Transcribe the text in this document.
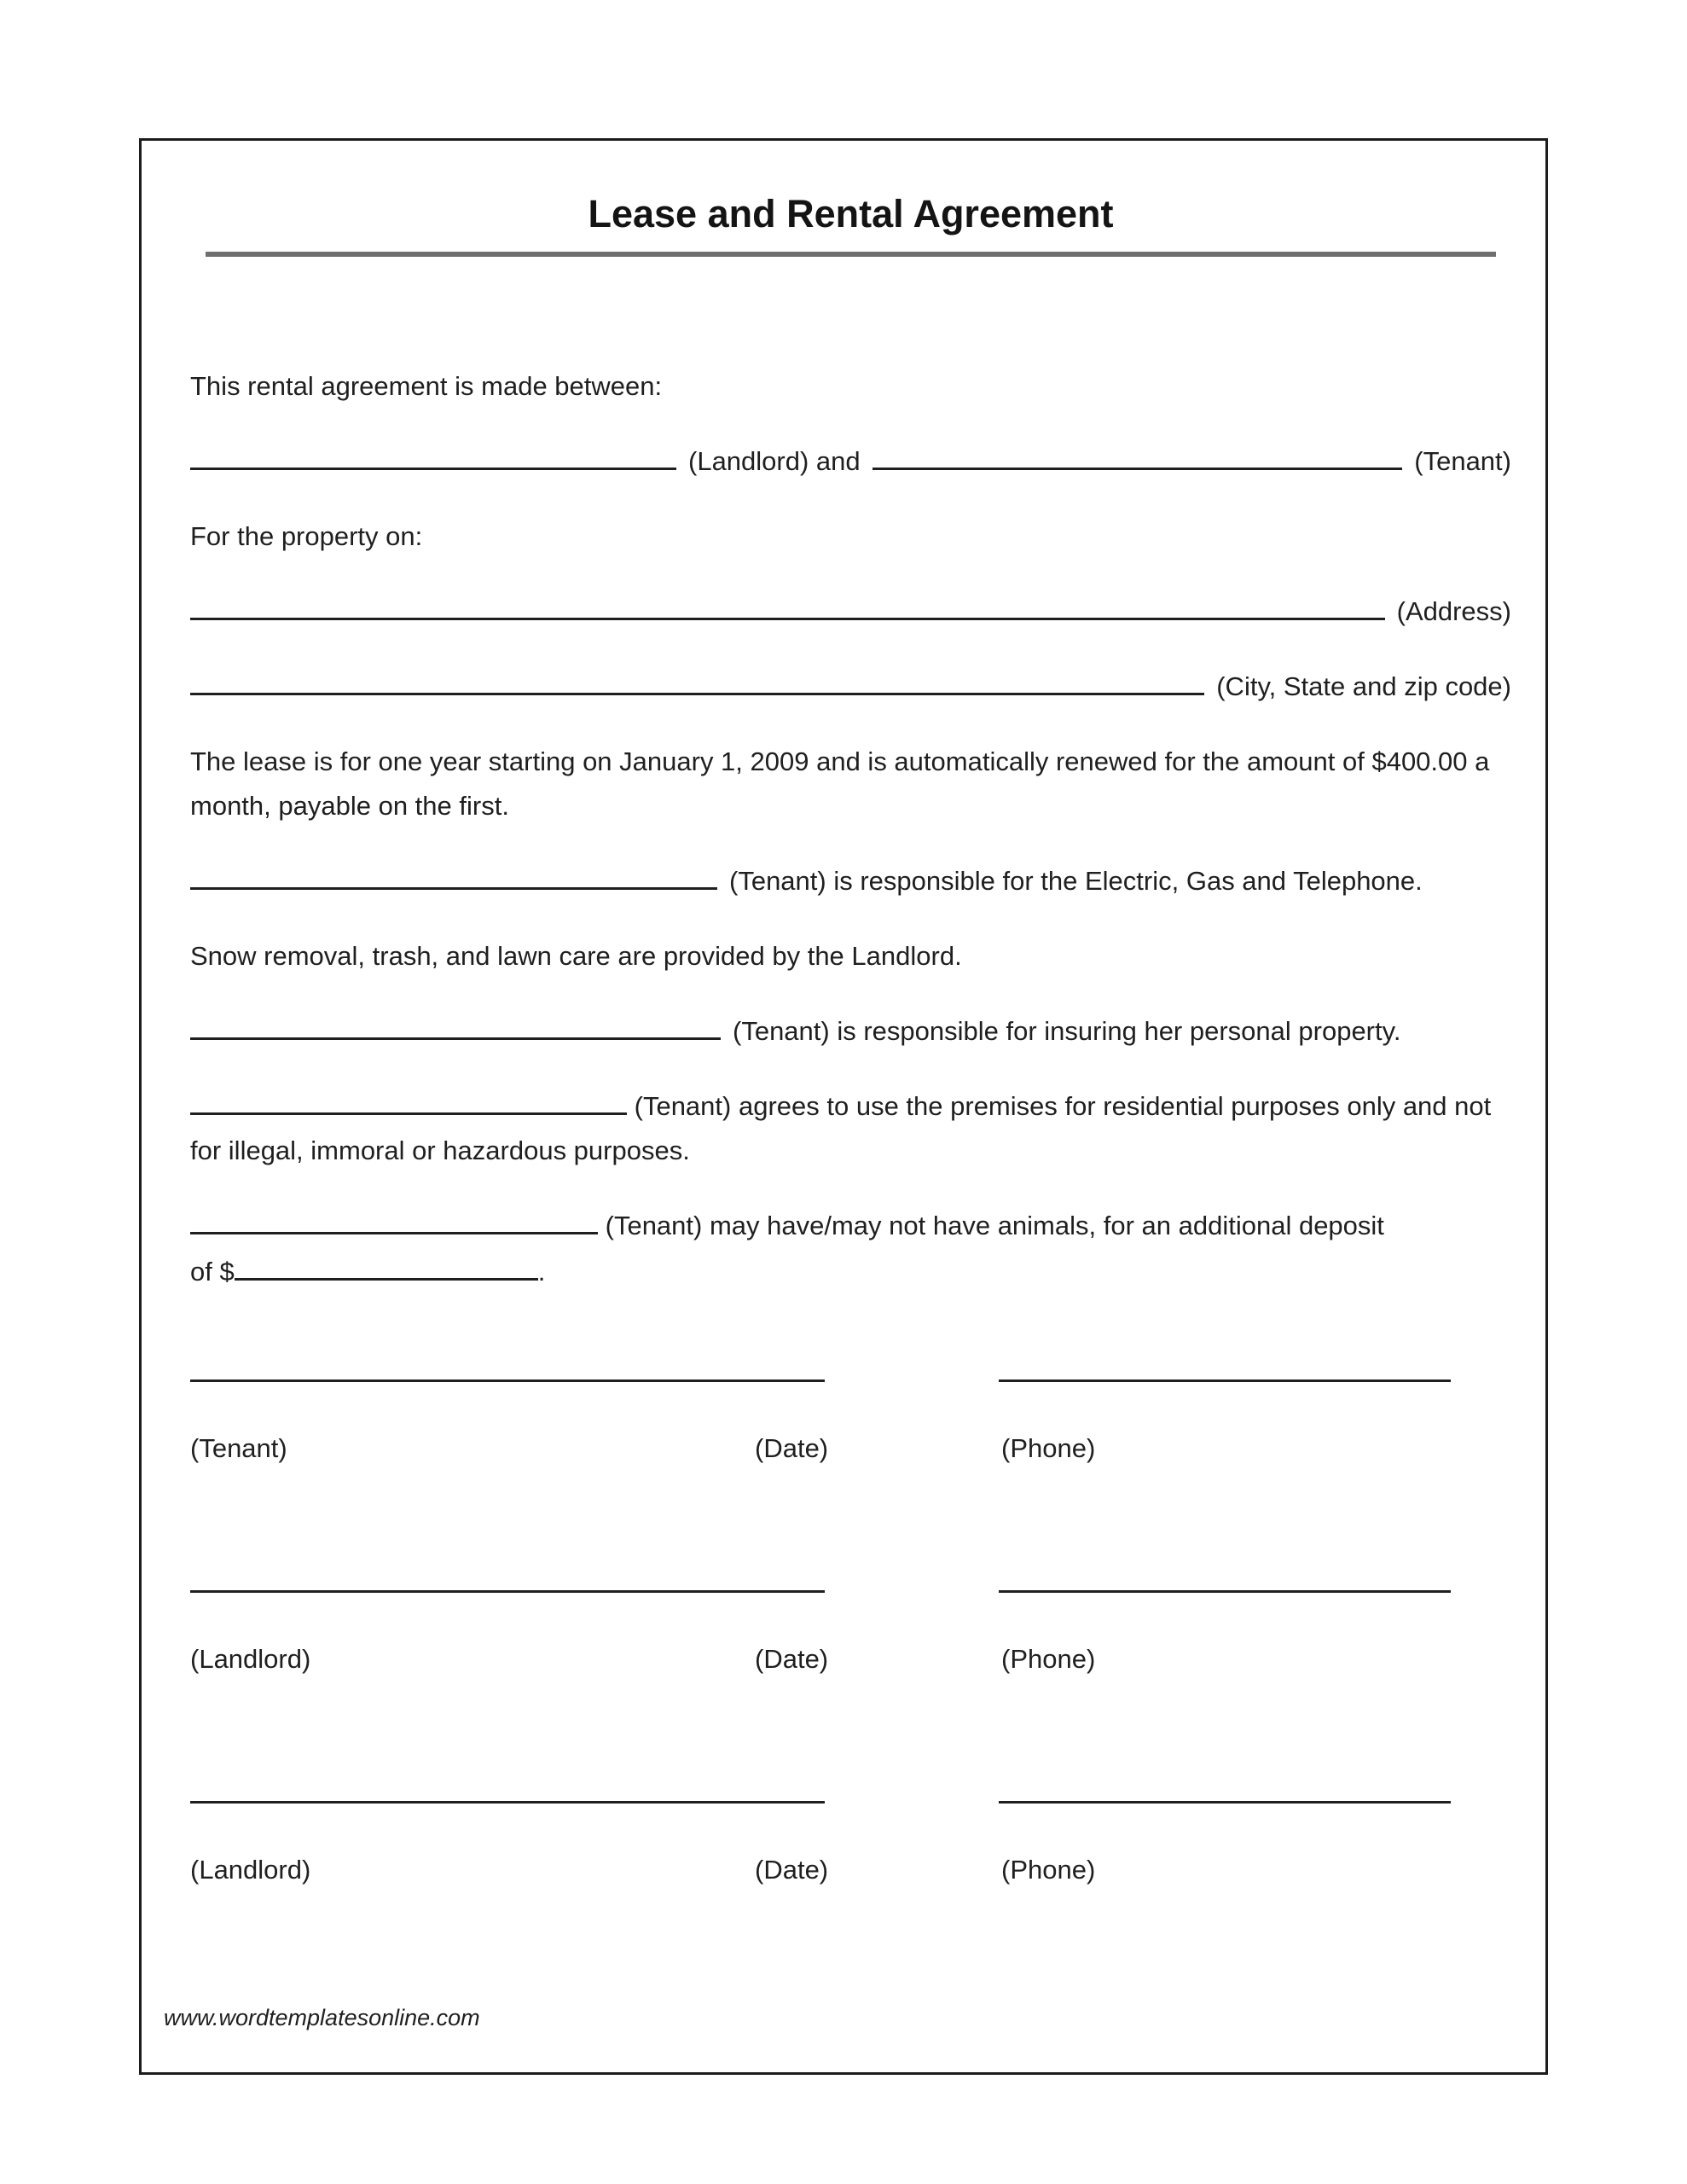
Lease and Rental Agreement

This rental agreement is made between:

(Landlord) and	(Tenant)

For the property on:

(Address)
(City, State and zip code)

The lease is for one year starting on January 1, 2009 and is automatically renewed for the amount of $400.00 a month, payable on the first.

(Tenant) is responsible for the Electric, Gas and Telephone.

Snow removal, trash, and lawn care are provided by the Landlord.

(Tenant) is responsible for insuring her personal property.

(Tenant) agrees to use the premises for residential purposes only and not for illegal, immoral or hazardous purposes.

(Tenant) may have/may not have animals, for an additional deposit

of $	.

(Tenant)	(Date)	(Phone)
(Landlord)	(Date)	(Phone)
(Landlord)	(Date)	(Phone)
www.wordtemplatesonline.com
